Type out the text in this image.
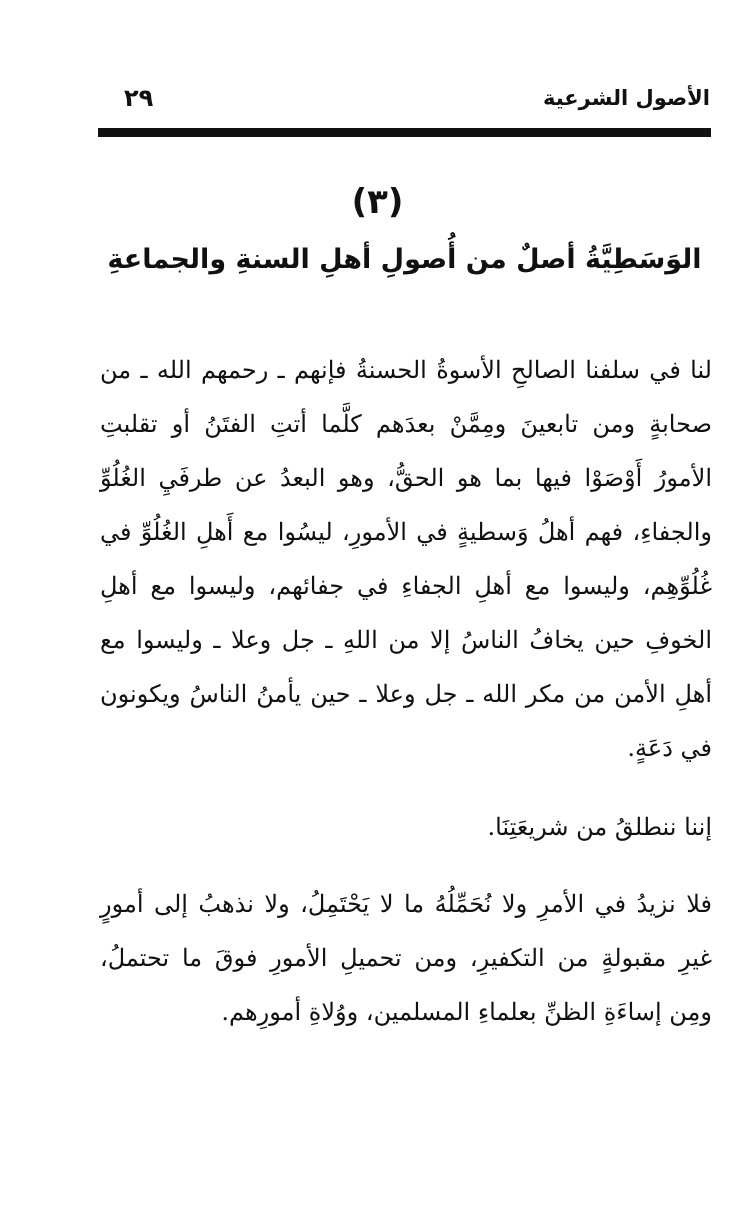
٢٩	الأصول الشرعية
(٣)
الوَسَطِيَّةُ أصلٌ من أُصولِ أهلِ السنةِ والجماعةِ

لنا في سلفنا الصالحِ الأسوةُ الحسنةُ فإنهم ـ رحمهم الله ـ من صحابةٍ ومن تابعينَ ومِمَّنْ بعدَهم كلَّما أتتِ الفتَنُ أو تقلبتِ الأمورُ أَوْصَوْا فيها بما هو الحقُّ، وهو البعدُ عن طرفَيِ الغُلُوِّ والجفاءِ، فهم أهلُ وَسطيةٍ في الأمورِ، ليسُوا مع أَهلِ الغُلُوِّ في غُلُوِّهِم، وليسوا مع أهلِ الجفاءِ في جفائهم، وليسوا مع أهلِ الخوفِ حين يخافُ الناسُ إلا من اللهِ ـ جل وعلا ـ وليسوا مع أهلِ الأمن من مكر الله ـ جل وعلا ـ حين يأمنُ الناسُ ويكونون في دَعَةٍ.

إننا ننطلقُ من شريعَتِنَا.

فلا نزيدُ في الأمرِ ولا نُحَمِّلُهُ ما لا يَحْتَمِلُ، ولا نذهبُ إلى أمورٍ غيرِ مقبولةٍ من التكفيرِ، ومن تحميلِ الأمورِ فوقَ ما تحتملُ، ومِن إساءَةِ الظنِّ بعلماءِ المسلمين، ووُلاةِ أمورِهم.
